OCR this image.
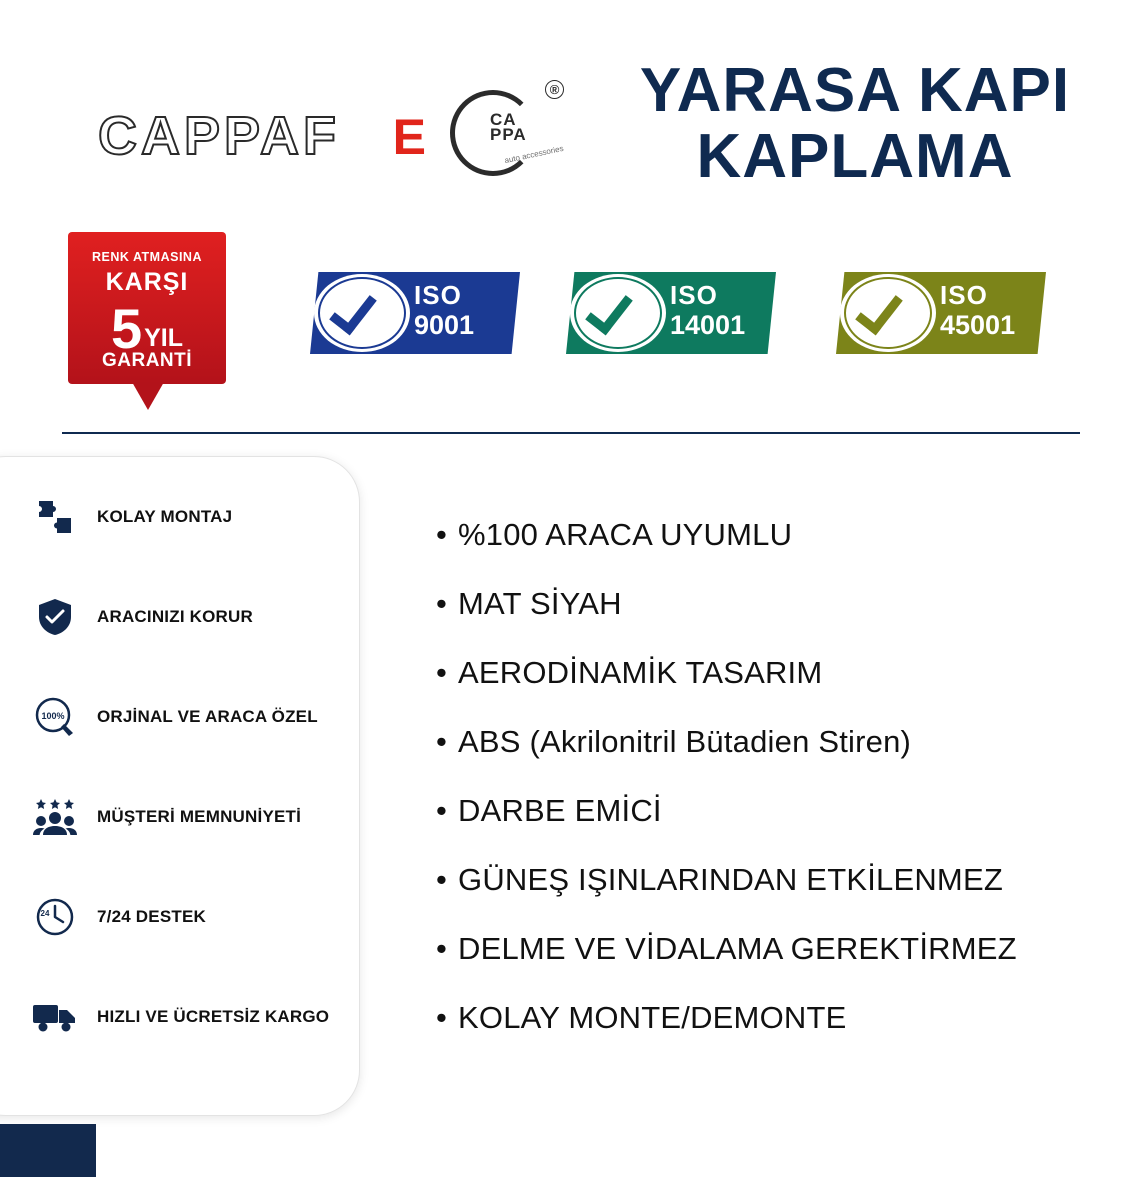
CAPPAF	E	CA
PPA
auto accessories
®	YARASA KAPI KAPLAMA
RENK ATMASINA
KARŞI
5 YIL
GARANTİ
ISO
9001
ISO
14001
ISO
45001
KOLAY MONTAJ
ARACINIZI KORUR
100% ORJİNAL VE ARACA ÖZEL
MÜŞTERİ MEMNUNİYETİ
24	7/24 DESTEK
HIZLI VE ÜCRETSİZ KARGO
• %100 ARACA UYUMLU
• MAT SİYAH
• AERODİNAMİK TASARIM
• ABS (Akrilonitril Bütadien Stiren)
• DARBE EMİCİ
• GÜNEŞ IŞINLARINDAN ETKİLENMEZ
• DELME VE VİDALAMA GEREKTİRMEZ
• KOLAY MONTE/DEMONTE
